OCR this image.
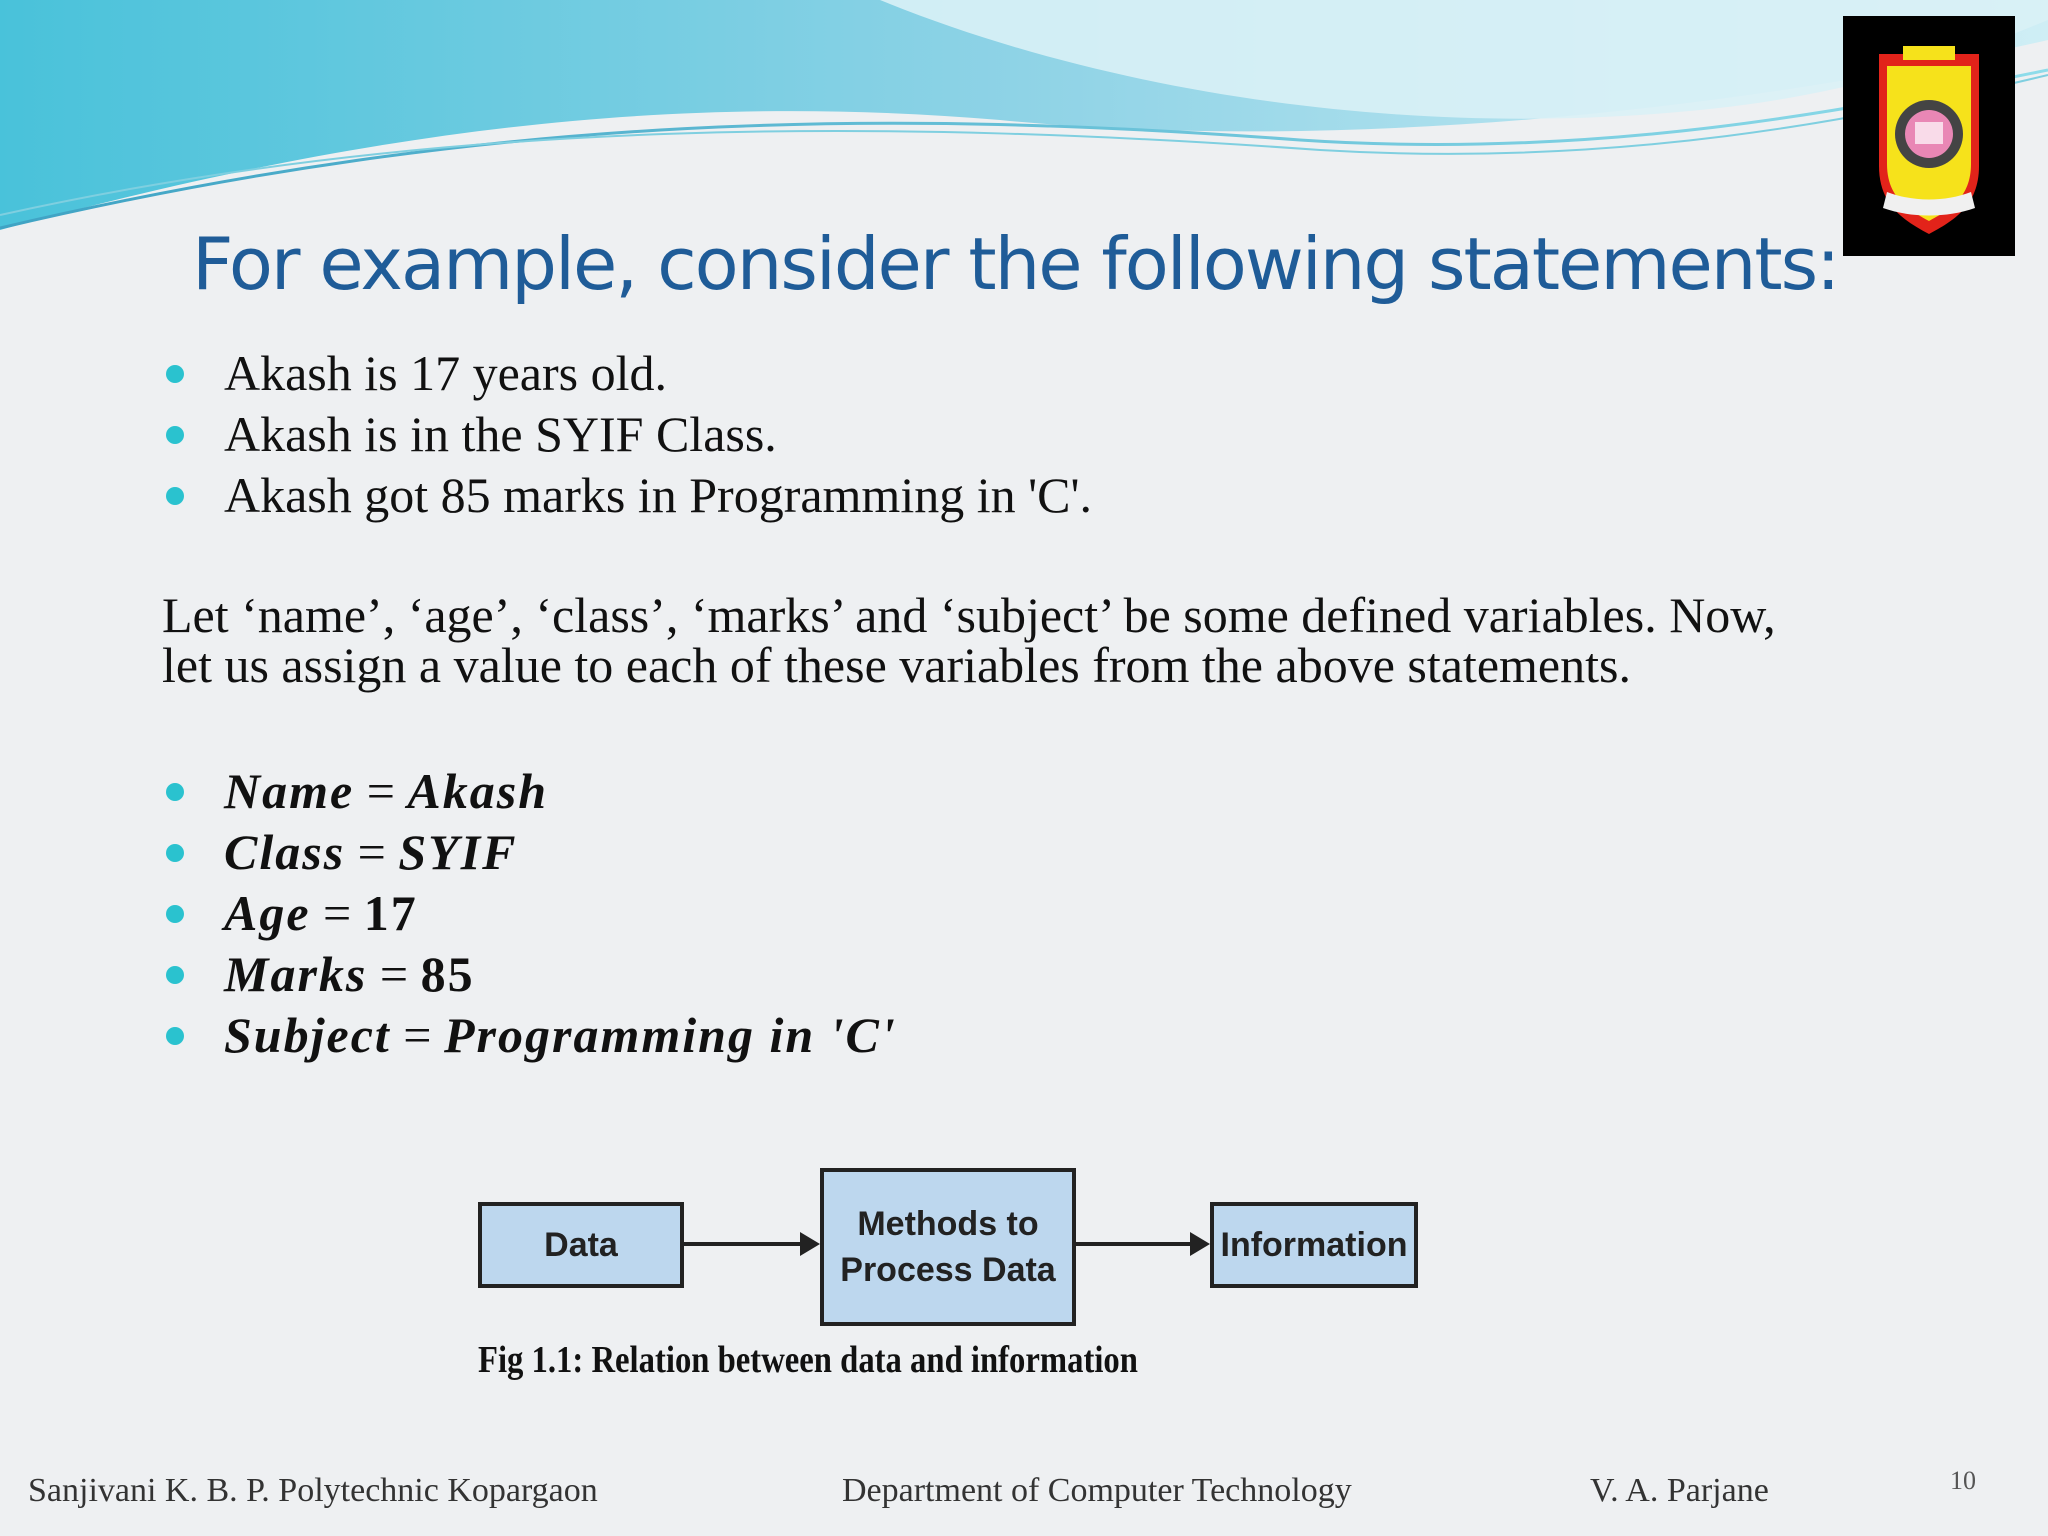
For example, consider the following statements:
Akash is 17 years old.
Akash is in the SYIF Class.
Akash got 85 marks in Programming in 'C'.
Let ‘name’, ‘age’, ‘class’, ‘marks’ and ‘subject’ be some defined variables. Now,
let us assign a value to each of these variables from the above statements.
Name = Akash
Class = SYIF
Age = 17
Marks = 85
Subject = Programming in 'C'
Data
Methods to
Process Data
Information
Fig 1.1: Relation between data and information
Sanjivani K. B. P. Polytechnic Kopargaon	Department of Computer Technology	V. A. Parjane	10
